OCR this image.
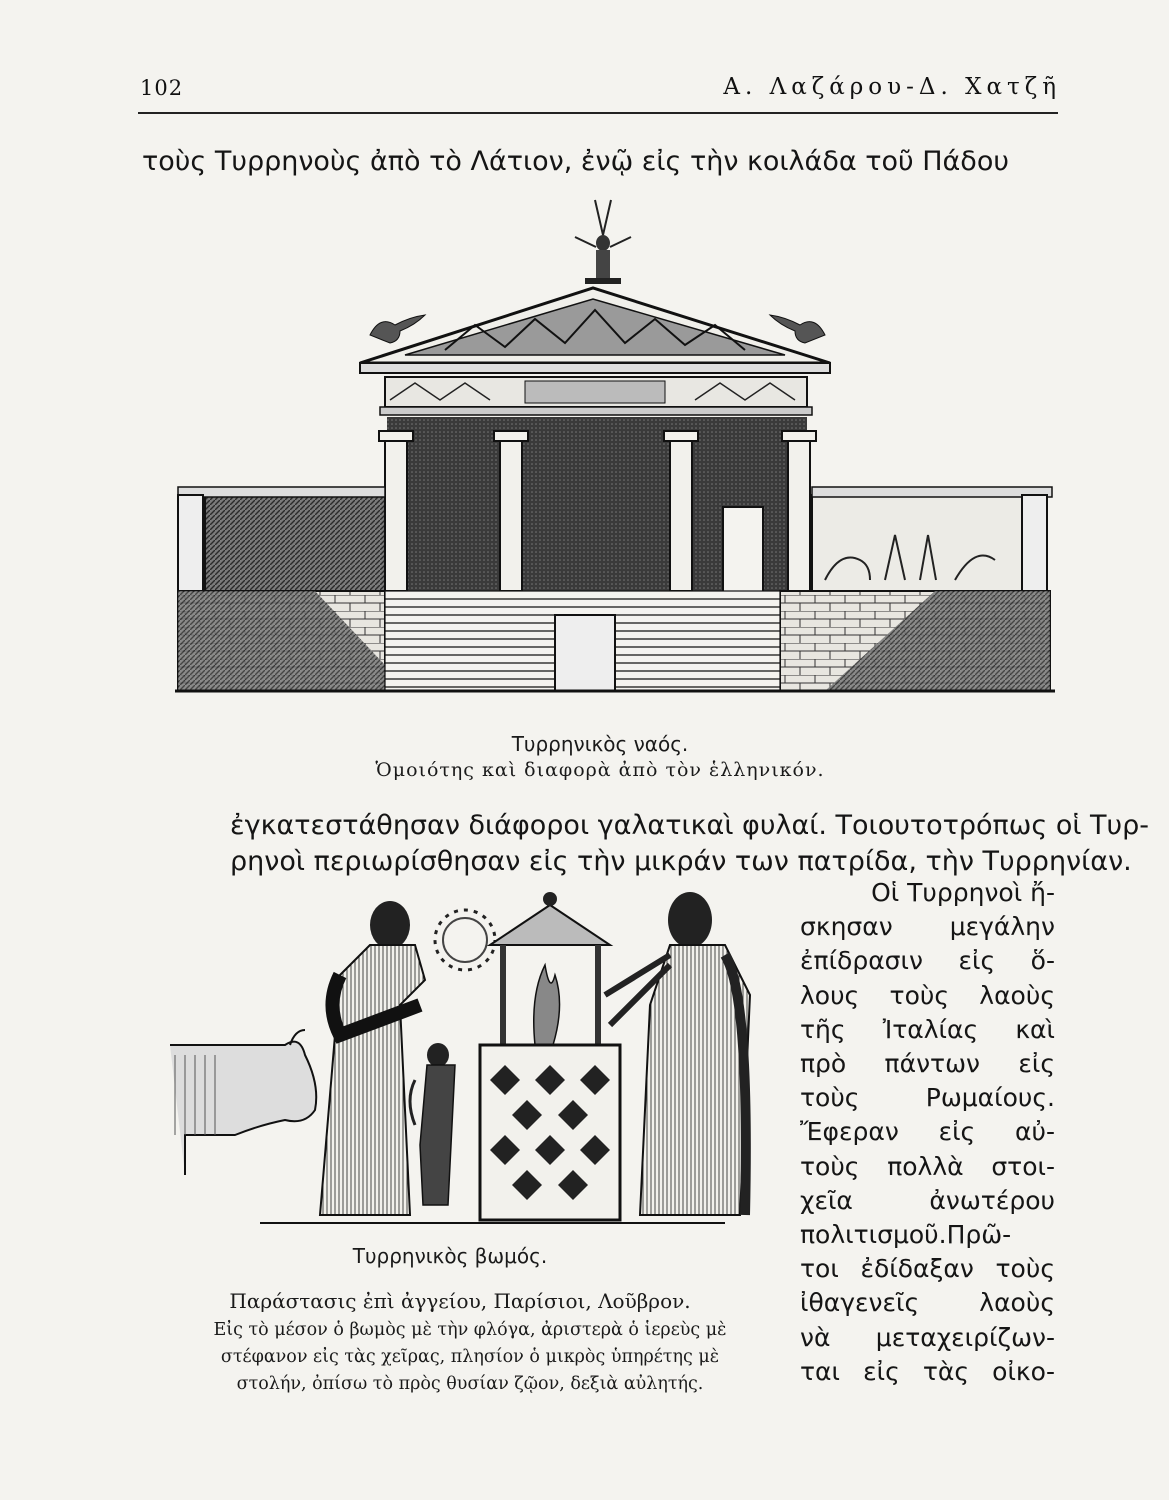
102	Α. Λαζάρου-Δ. Χατζῆ
τοὺς Τυρρηνοὺς ἀπὸ τὸ Λάτιον, ἐνῷ εἰς τὴν κοιλάδα τοῦ Πάδου
Τυρρηνικὸς ναός.
Ὁμοιότης καὶ διαφορὰ ἀπὸ τὸν ἑλληνικόν.
ἐγκατεστάθησαν διάφοροι γαλατικαὶ φυλαί. Τοιουτοτρόπως οἱ Τυρ-
ρηνοὶ περιωρίσθησαν εἰς τὴν μικράν των πατρίδα, τὴν Τυρρηνίαν.
Τυρρηνικὸς βωμός.
Παράστασις ἐπὶ ἀγγείου, Παρίσιοι, Λοῦβρον.
Εἰς τὸ μέσον ὁ βωμὸς μὲ τὴν φλόγα, ἀριστερὰ ὁ ἱερεὺς μὲ
στέφανον εἰς τὰς χεῖρας, πλησίον ὁ μικρὸς ὑπηρέτης μὲ
στολήν, ὀπίσω τὸ πρὸς θυσίαν ζῷον, δεξιὰ αὐλητής.
Οἱ Τυρρηνοὶ ἤ-
σκησαν μεγάλην
ἐπίδρασιν εἰς ὅ-
λους τοὺς λαοὺς
τῆς Ἰταλίας καὶ
πρὸ πάντων εἰς
τοὺς Ρωμαίους.
Ἔφεραν εἰς αὐ-
τοὺς πολλὰ στοι-
χεῖα ἀνωτέρου
πολιτισμοῦ.Πρῶ-
τοι ἐδίδαξαν τοὺς
ἰθαγενεῖς λαοὺς
νὰ μεταχειρίζων-
ται εἰς τὰς οἰκο-
